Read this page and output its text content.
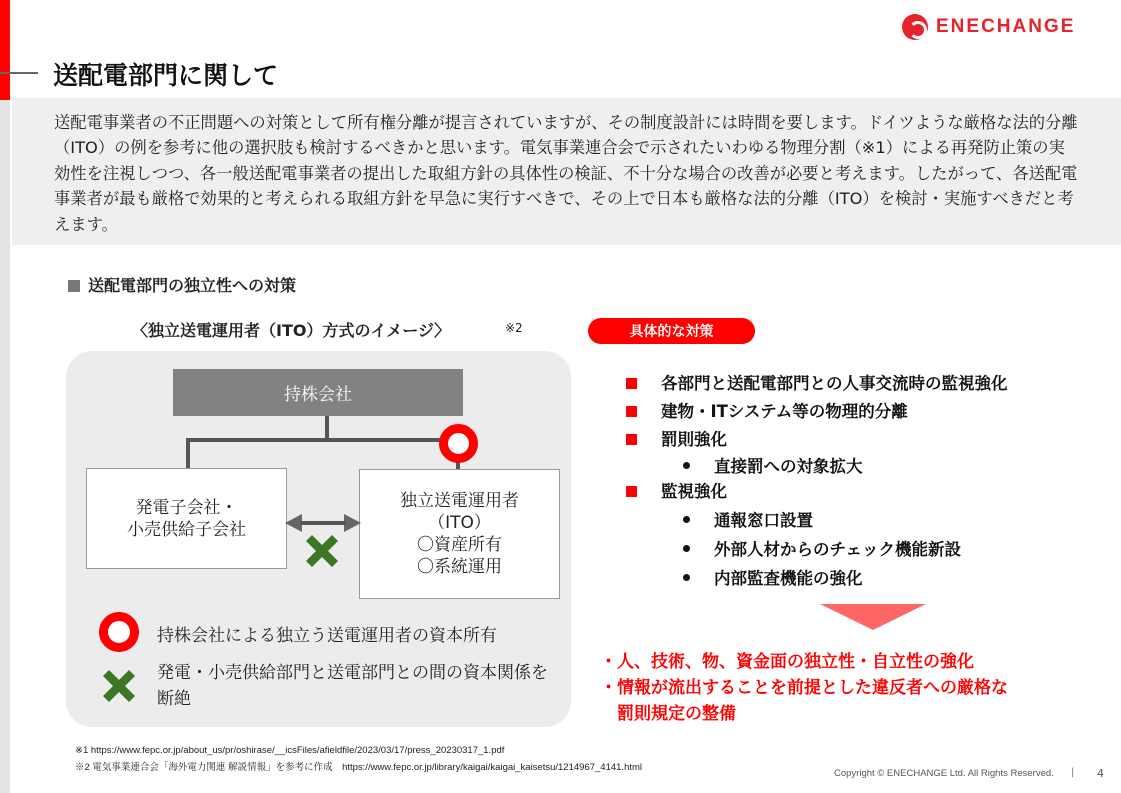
送配電部門に関して
ENECHANGE
送配電事業者の不正問題への対策として所有権分離が提言されていますが、その制度設計には時間を要します。ドイツような厳格な法的分離（ITO）の例を参考に他の選択肢も検討するべきかと思います。電気事業連合会で示されたいわゆる物理分割（※1）による再発防止策の実効性を注視しつつ、各一般送配電事業者の提出した取組方針の具体性の検証、不十分な場合の改善が必要と考えます。したがって、各送配電事業者が最も厳格で効果的と考えられる取組方針を早急に実行すべきで、その上で日本も厳格な法的分離（ITO）を検討・実施すべきだと考えます。
送配電部門の独立性への対策
〈独立送電運用者（ITO）方式のイメージ〉	※2
持株会社
発電子会社・
小売供給子会社
独立送電運用者
（ITO）
〇資産所有
〇系統運用
持株会社による独立う送電運用者の資本所有
発電・小売供給部門と送電部門との間の資本関係を断絶
具体的な対策
各部門と送配電部門との人事交流時の監視強化
建物・ITシステム等の物理的分離
罰則強化
直接罰への対象拡大
監視強化
通報窓口設置
外部人材からのチェック機能新設
内部監査機能の強化
・人、技術、物、資金面の独立性・自立性の強化
・情報が流出することを前提とした違反者への厳格な
　罰則規定の整備
※1 https://www.fepc.or.jp/about_us/pr/oshirase/__icsFiles/afieldfile/2023/03/17/press_20230317_1.pdf
※2 電気事業連合会「海外電力関連 解説情報」を参考に作成　https://www.fepc.or.jp/library/kaigai/kaigai_kaisetsu/1214967_4141.html
Copyright © ENECHANGE Ltd. All Rights Reserved. | 4
